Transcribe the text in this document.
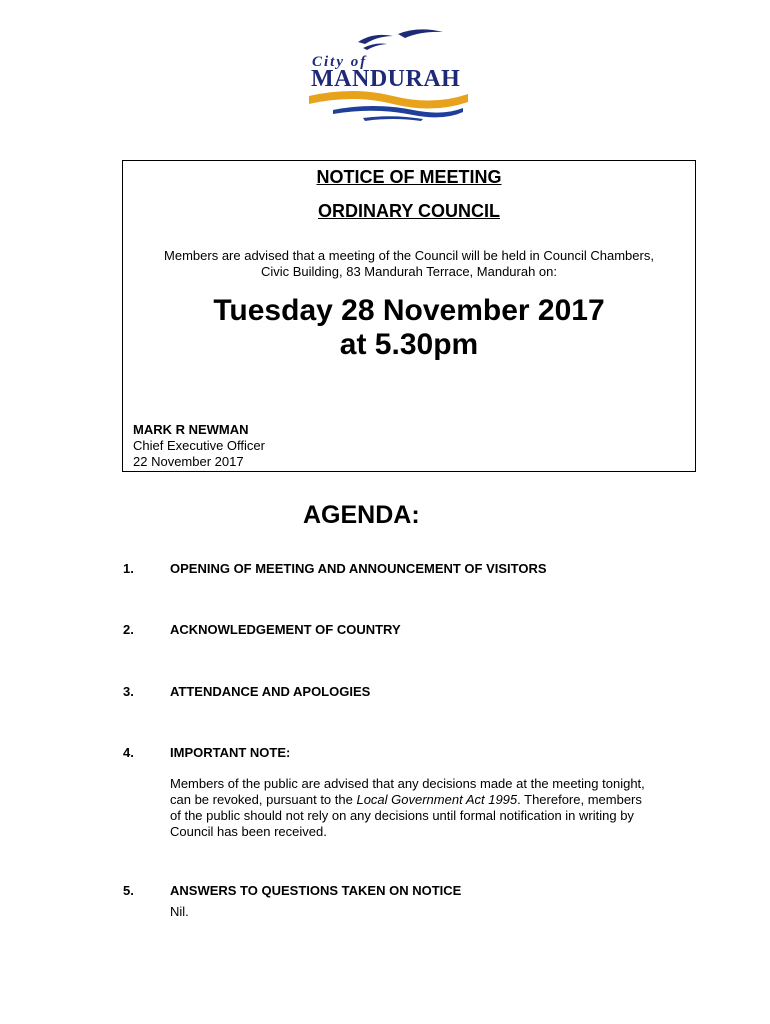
City of
MANDURAH
NOTICE OF MEETING
ORDINARY COUNCIL
Members are advised that a meeting of the Council will be held in Council Chambers,
Civic Building, 83 Mandurah Terrace, Mandurah on:
Tuesday 28 November 2017
at 5.30pm
MARK R NEWMAN
Chief Executive Officer
22 November 2017
AGENDA:
1.	OPENING OF MEETING AND ANNOUNCEMENT OF VISITORS
2.	ACKNOWLEDGEMENT OF COUNTRY
3.	ATTENDANCE AND APOLOGIES
4.	IMPORTANT NOTE:
Members of the public are advised that any decisions made at the meeting tonight,
can be revoked, pursuant to the Local Government Act 1995. Therefore, members
of the public should not rely on any decisions until formal notification in writing by
Council has been received.
5.	ANSWERS TO QUESTIONS TAKEN ON NOTICE
Nil.
